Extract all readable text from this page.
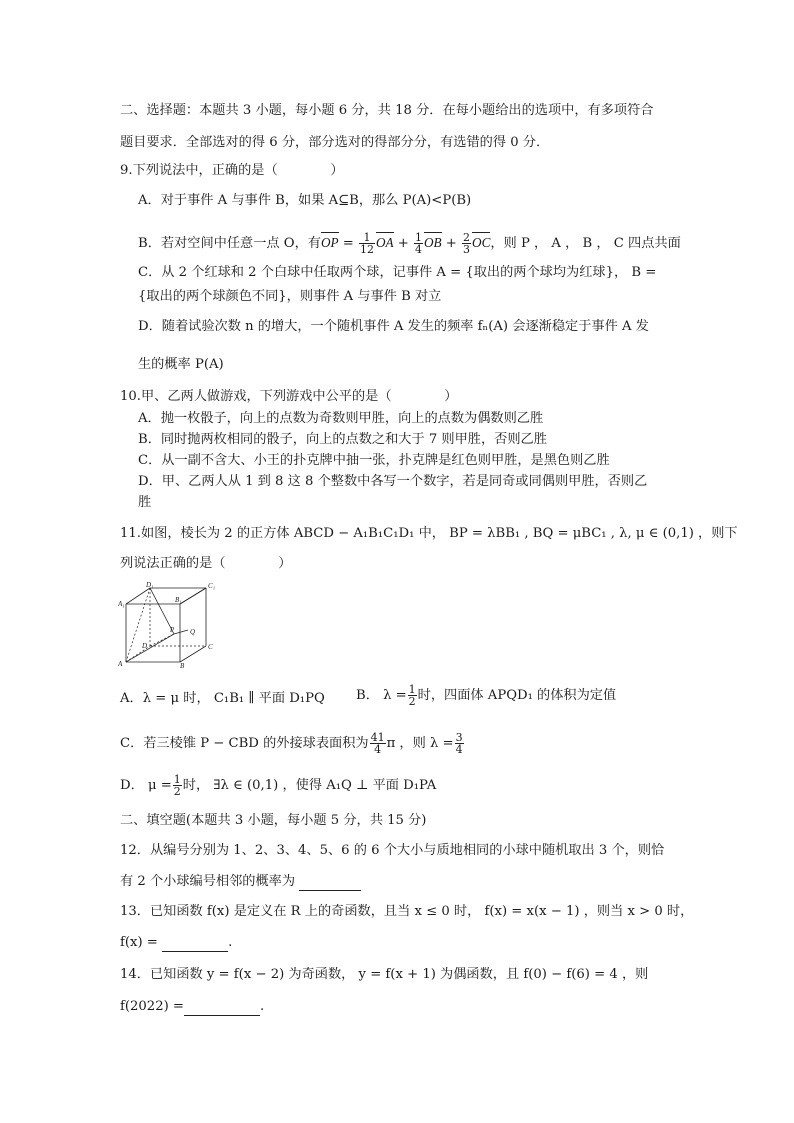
二、选择题：本题共 3 小题，每小题 6 分，共 18 分．在每小题给出的选项中，有多项符合
题目要求．全部选对的得 6 分，部分选对的得部分分，有选错的得 0 分．
9.下列说法中，正确的是（　　　　）
A．对于事件 A 与事件 B，如果 A⊆B，那么 P(A)<P(B)
B．若对空间中任意一点 O，有OP = $\frac{1}{12}$ OA + $\frac{1}{4}$ OB + $\frac{2}{3}$ OC，则 P ， A ， B ， C 四点共面
C．从 2 个红球和 2 个白球中任取两个球，记事件 A = {取出的两个球均为红球}， B =
{取出的两个球颜色不同}，则事件 A 与事件 B 对立
D．随着试验次数 n 的增大，一个随机事件 A 发生的频率 fₙ(A) 会逐渐稳定于事件 A 发
生的概率 P(A)
10.甲、乙两人做游戏，下列游戏中公平的是（　　　　）
A．抛一枚骰子，向上的点数为奇数则甲胜，向上的点数为偶数则乙胜
B．同时抛两枚相同的骰子，向上的点数之和大于 7 则甲胜，否则乙胜
C．从一副不含大、小王的扑克牌中抽一张，扑克牌是红色则甲胜，是黑色则乙胜
D．甲、乙两人从 1 到 8 这 8 个整数中各写一个数字，若是同奇或同偶则甲胜，否则乙
胜
11.如图，棱长为 2 的正方体 ABCD − A₁B₁C₁D₁ 中， BP = λBB₁ , BQ = μBC₁ , λ, μ ∈ (0,1) ，则下
列说法正确的是（　　　　）
D₁	C₁
A₁	B₁
D	C
A	B
P Q
A．λ = μ 时， C₁B₁ ∥ 平面 D₁PQ B． $\lambda = \frac{1}{2}$ 时，四面体 APQD₁ 的体积为定值
C．若三棱锥 P − CBD 的外接球表面积为 $\frac{41}{4}$ π ，则 $\lambda = \frac{3}{4}$
D． $\mu = \frac{1}{2}$ 时， ∃λ ∈ (0,1) ，使得 A₁Q ⊥ 平面 D₁PA
二、填空题(本题共 3 小题，每小题 5 分，共 15 分)
12．从编号分别为 1、2、3、4、5、6 的 6 个大小与质地相同的小球中随机取出 3 个，则恰
有 2 个小球编号相邻的概率为
13．已知函数 f(x) 是定义在 R 上的奇函数，且当 x ≤ 0 时， f(x) = x(x − 1) ，则当 x > 0 时，
f(x) =	.
14．已知函数 y = f(x − 2) 为奇函数， y = f(x + 1) 为偶函数，且 f(0) − f(6) = 4 ，则
f(2022) =	.
